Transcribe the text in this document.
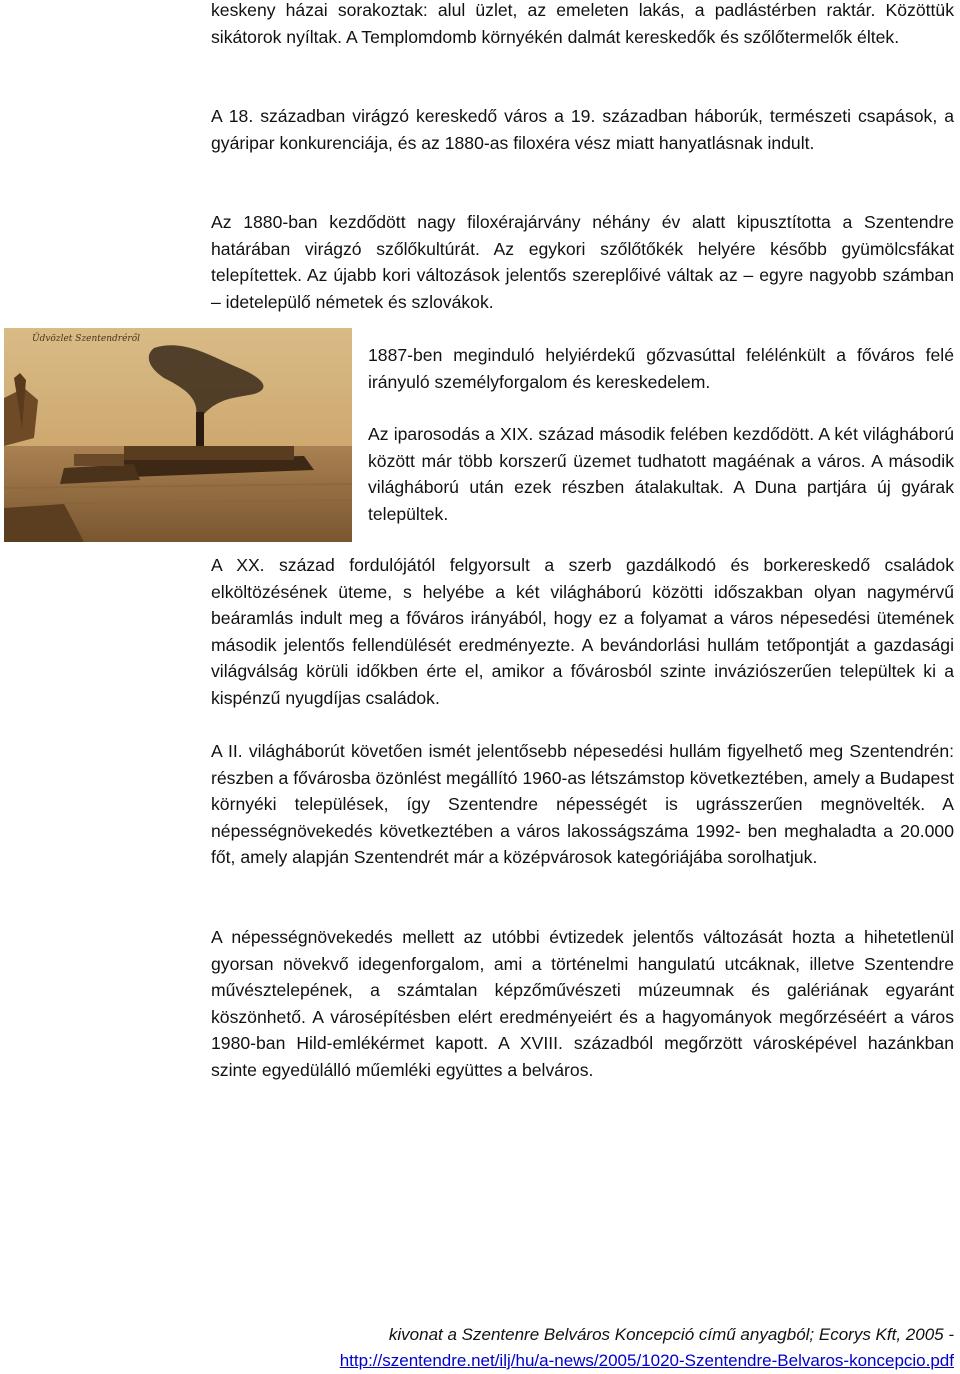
keskeny házai sorakoztak: alul üzlet, az emeleten lakás, a padlástérben raktár. Közöttük sikátorok nyíltak. A Templomdomb környékén dalmát kereskedők és szőlőtermelők éltek.

A 18. században virágzó kereskedő város a 19. században háborúk, természeti csapások, a gyáripar konkurenciája, és az 1880-as filoxéra vész miatt hanyatlásnak indult.

Az 1880-ban kezdődött nagy filoxérajárvány néhány év alatt kipusztította a Szentendre határában virágzó szőlőkultúrát. Az egykori szőlőtőkék helyére később gyümölcsfákat telepítettek. Az újabb kori változások jelentős szereplőivé váltak az – egyre nagyobb számban – idetelepülő németek és szlovákok.

Üdvözlet Szentendréről

1887-ben meginduló helyiérdekű gőzvasúttal felélénkült a főváros felé irányuló személyforgalom és kereskedelem.

Az iparosodás a XIX. század második felében kezdődött. A két világháború között már több korszerű üzemet tudhatott magáénak a város. A második világháború után ezek részben átalakultak. A Duna partjára új gyárak települtek.

A XX. század fordulójától felgyorsult a szerb gazdálkodó és borkereskedő családok elköltözésének üteme, s helyébe a két világháború közötti időszakban olyan nagymérvű beáramlás indult meg a főváros irányából, hogy ez a folyamat a város népesedési ütemének második jelentős fellendülését eredményezte. A bevándorlási hullám tetőpontját a gazdasági világválság körüli időkben érte el, amikor a fővárosból szinte inváziószerűen települtek ki a kispénzű nyugdíjas családok.

A II. világháborút követően ismét jelentősebb népesedési hullám figyelhető meg Szentendrén: részben a fővárosba özönlést megállító 1960-as létszámstop következtében, amely a Budapest környéki települések, így Szentendre népességét is ugrásszerűen megnövelték. A népességnövekedés következtében a város lakosságszáma 1992- ben meghaladta a 20.000 főt, amely alapján Szentendrét már a középvárosok kategóriájába sorolhatjuk.

A népességnövekedés mellett az utóbbi évtizedek jelentős változását hozta a hihetetlenül gyorsan növekvő idegenforgalom, ami a történelmi hangulatú utcáknak, illetve Szentendre művésztelepének, a számtalan képzőművészeti múzeumnak és galériának egyaránt köszönhető. A városépítésben elért eredményeiért és a hagyományok megőrzéséért a város 1980-ban Hild-emlékérmet kapott. A XVIII. századból megőrzött városképével hazánkban szinte egyedülálló műemléki együttes a belváros.

kivonat a Szentenre Belváros Koncepció című anyagból; Ecorys Kft, 2005 -
http://szentendre.net/ilj/hu/a-news/2005/1020-Szentendre-Belvaros-koncepcio.pdf
